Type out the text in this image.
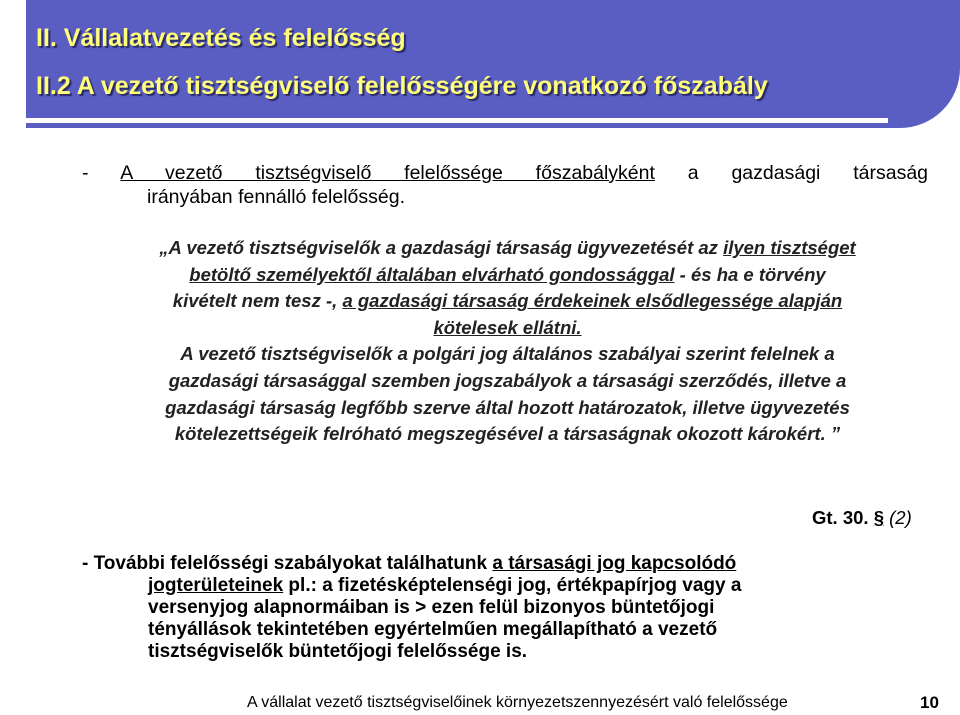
II. Vállalatvezetés és felelősség
II.2 A vezető tisztségviselő felelősségére vonatkozó főszabály
- A vezető tisztségviselő felelőssége főszabályként a gazdasági társaság
irányában fennálló felelősség.

„A vezető tisztségviselők a gazdasági társaság ügyvezetését az ilyen tisztséget betöltő személyektől általában elvárható gondossággal - és ha e törvény kivételt nem tesz -, a gazdasági társaság érdekeinek elsődlegessége alapján kötelesek ellátni.

A vezető tisztségviselők a polgári jog általános szabályai szerint felelnek a gazdasági társasággal szemben jogszabályok a társasági szerződés, illetve a gazdasági társaság legfőbb szerve által hozott határozatok, illetve ügyvezetés kötelezettségeik felróható megszegésével a társaságnak okozott károkért. ”

Gt. 30. § (2)
- További felelősségi szabályokat találhatunk a társasági jog kapcsolódó
jogterületeinek pl.: a fizetésképtelenségi jog, értékpapírjog vagy a
versenyjog alapnormáiban is > ezen felül bizonyos büntetőjogi
tényállások tekintetében egyértelműen megállapítható a vezető
tisztségviselők büntetőjogi felelőssége is.
A vállalat vezető tisztségviselőinek környezetszennyezésért való felelőssége	10
